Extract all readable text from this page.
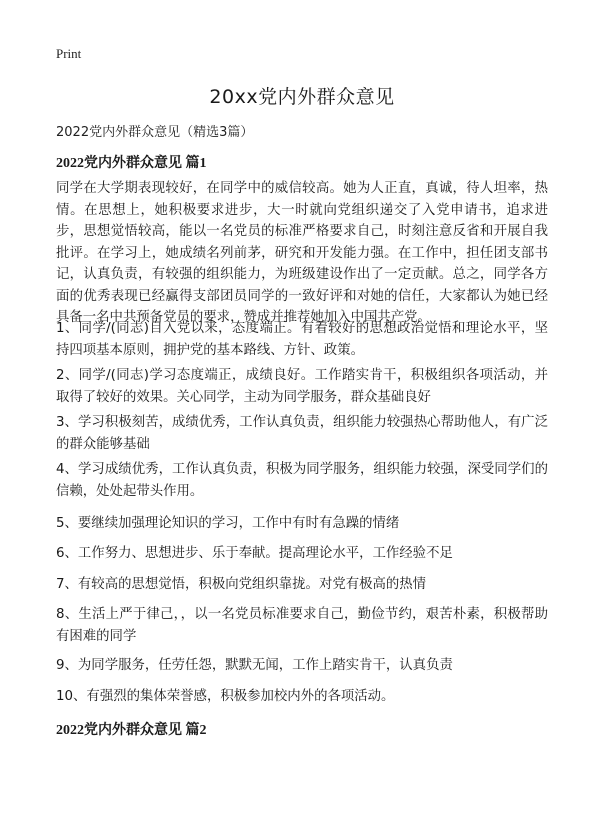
Print
20xx党内外群众意见
2022党内外群众意见（精选3篇）
2022党内外群众意见 篇1

同学在大学期表现较好，在同学中的威信较高。她为人正直，真诚，待人坦率，热情。在思想上，她积极要求进步，大一时就向党组织递交了入党申请书，追求进步，思想觉悟较高，能以一名党员的标准严格要求自己，时刻注意反省和开展自我批评。在学习上，她成绩名列前茅，研究和开发能力强。在工作中，担任团支部书记，认真负责，有较强的组织能力，为班级建设作出了一定贡献。总之，同学各方面的优秀表现已经赢得支部团员同学的一致好评和对她的信任，大家都认为她已经具备一名中共预备党员的要求，赞成并推荐她加入中国共产党。

1、同学/(同志)自入党以来，态度端正。有着较好的思想政治觉悟和理论水平，坚持四项基本原则，拥护党的基本路线、方针、政策。

2、同学/(同志)学习态度端正，成绩良好。工作踏实肯干，积极组织各项活动，并取得了较好的效果。关心同学，主动为同学服务，群众基础良好

3、学习积极刻苦，成绩优秀，工作认真负责，组织能力较强热心帮助他人，有广泛的群众能够基础

4、学习成绩优秀，工作认真负责，积极为同学服务，组织能力较强，深受同学们的信赖，处处起带头作用。

5、要继续加强理论知识的学习，工作中有时有急躁的情绪

6、工作努力、思想进步、乐于奉献。提高理论水平，工作经验不足

7、有较高的思想觉悟，积极向党组织靠拢。对党有极高的热情

8、生活上严于律己，，以一名党员标准要求自己，勤俭节约，艰苦朴素，积极帮助有困难的同学

9、为同学服务，任劳任怨，默默无闻，工作上踏实肯干，认真负责

10、有强烈的集体荣誉感，积极参加校内外的各项活动。

2022党内外群众意见 篇2
